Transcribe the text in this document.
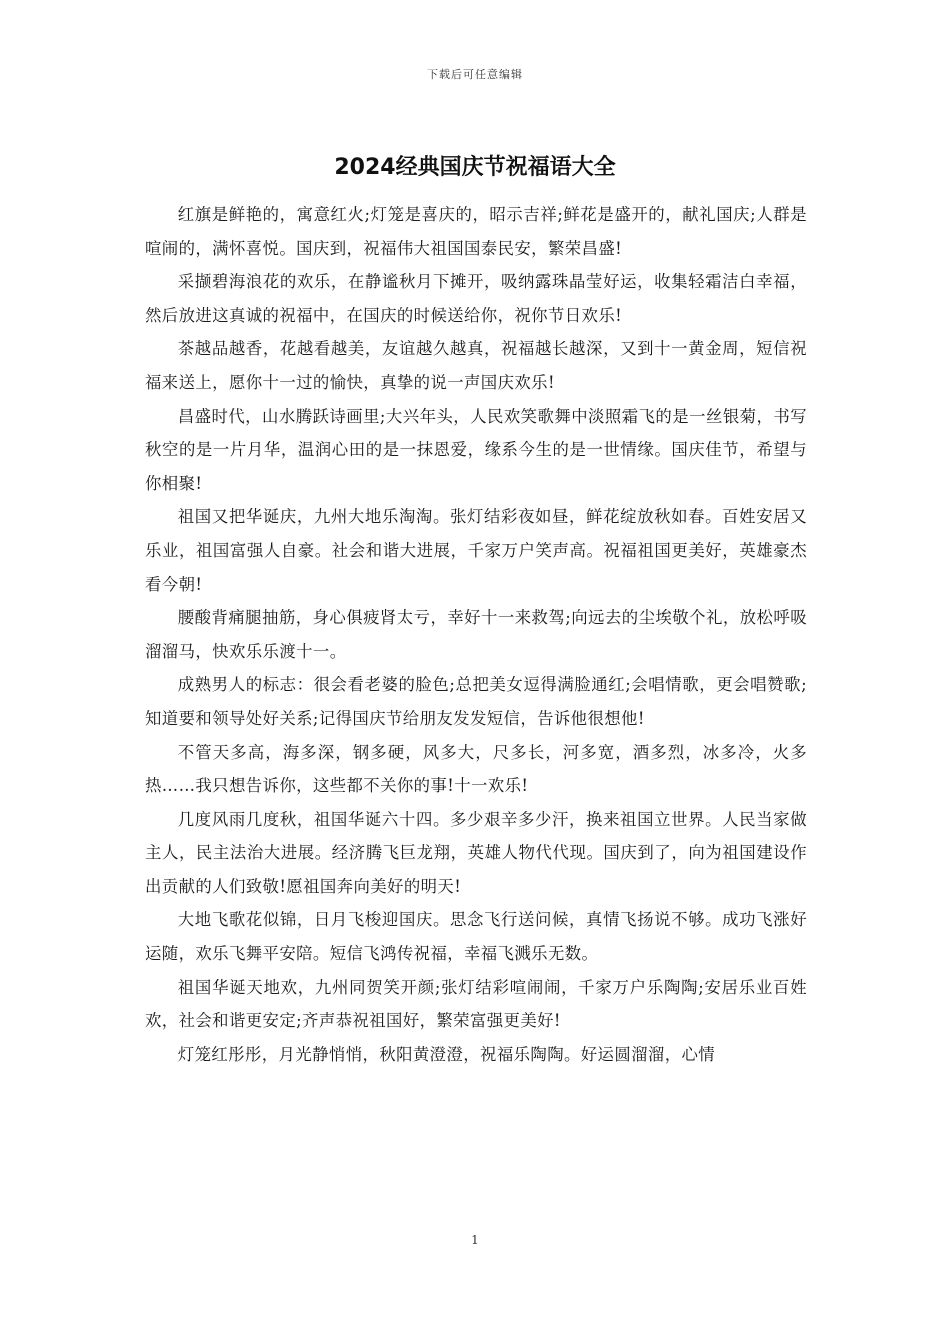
下载后可任意编辑
2024经典国庆节祝福语大全

红旗是鲜艳的，寓意红火;灯笼是喜庆的，昭示吉祥;鲜花是盛开的，献礼国庆;人群是喧闹的，满怀喜悦。国庆到，祝福伟大祖国国泰民安，繁荣昌盛!

采撷碧海浪花的欢乐，在静谧秋月下摊开，吸纳露珠晶莹好运，收集轻霜洁白幸福，然后放进这真诚的祝福中，在国庆的时候送给你，祝你节日欢乐!

茶越品越香，花越看越美，友谊越久越真，祝福越长越深，又到十一黄金周，短信祝福来送上，愿你十一过的愉快，真挚的说一声国庆欢乐!

昌盛时代，山水腾跃诗画里;大兴年头，人民欢笑歌舞中淡照霜飞的是一丝银菊，书写秋空的是一片月华，温润心田的是一抹恩爱，缘系今生的是一世情缘。国庆佳节，希望与你相聚!

祖国又把华诞庆，九州大地乐淘淘。张灯结彩夜如昼，鲜花绽放秋如春。百姓安居又乐业，祖国富强人自豪。社会和谐大进展，千家万户笑声高。祝福祖国更美好，英雄豪杰看今朝!

腰酸背痛腿抽筋，身心俱疲肾太亏，幸好十一来救驾;向远去的尘埃敬个礼，放松呼吸溜溜马，快欢乐乐渡十一。

成熟男人的标志：很会看老婆的脸色;总把美女逗得满脸通红;会唱情歌，更会唱赞歌;知道要和领导处好关系;记得国庆节给朋友发发短信，告诉他很想他!

不管天多高，海多深，钢多硬，风多大，尺多长，河多宽，酒多烈，冰多冷，火多热……我只想告诉你，这些都不关你的事!十一欢乐!

几度风雨几度秋，祖国华诞六十四。多少艰辛多少汗，换来祖国立世界。人民当家做主人，民主法治大进展。经济腾飞巨龙翔，英雄人物代代现。国庆到了，向为祖国建设作出贡献的人们致敬!愿祖国奔向美好的明天!

大地飞歌花似锦，日月飞梭迎国庆。思念飞行送问候，真情飞扬说不够。成功飞涨好运随，欢乐飞舞平安陪。短信飞鸿传祝福，幸福飞溅乐无数。

祖国华诞天地欢，九州同贺笑开颜;张灯结彩喧闹闹，千家万户乐陶陶;安居乐业百姓欢，社会和谐更安定;齐声恭祝祖国好，繁荣富强更美好!

灯笼红彤彤，月光静悄悄，秋阳黄澄澄，祝福乐陶陶。好运圆溜溜，心情

1
